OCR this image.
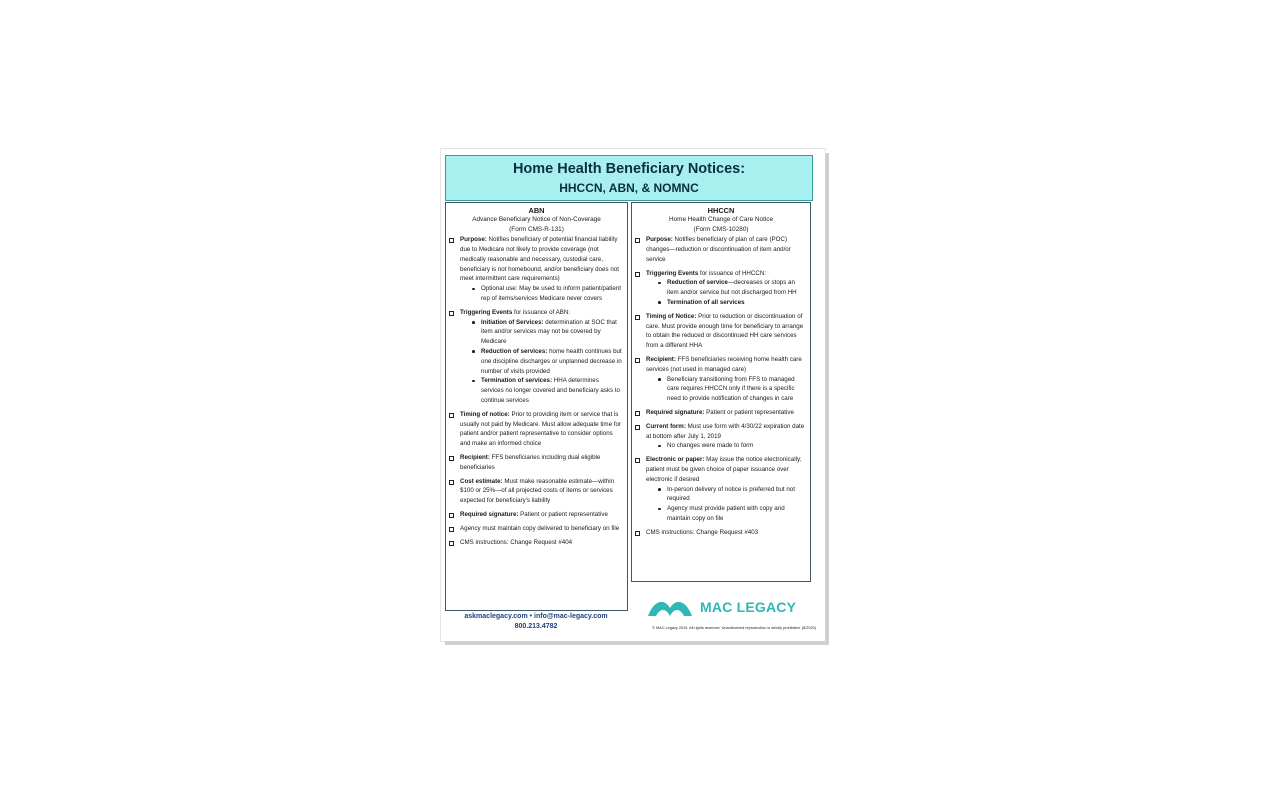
Home Health Beneficiary Notices:
HHCCN, ABN, & NOMNC
ABN
Advance Beneficiary Notice of Non-Coverage
(Form CMS-R-131)
Purpose: Notifies beneficiary of potential financial liability due to Medicare not likely to provide coverage (not medically reasonable and necessary, custodial care, beneficiary is not homebound, and/or beneficiary does not meet intermittent care requirements)
Optional use: May be used to inform patient/patient rep of items/services Medicare never covers
Triggering Events for issuance of ABN:
Initiation of Services: determination at SOC that item and/or services may not be covered by Medicare
Reduction of services: home health continues but one discipline discharges or unplanned decrease in number of visits provided
Termination of services: HHA determines services no longer covered and beneficiary asks to continue services
Timing of notice: Prior to providing item or service that is usually not paid by Medicare. Must allow adequate time for patient and/or patient representative to consider options and make an informed choice
Recipient: FFS beneficiaries including dual eligible beneficiaries
Cost estimate: Must make reasonable estimate—within $100 or 25%—of all projected costs of items or services expected for beneficiary's liability
Required signature: Patient or patient representative
Agency must maintain copy delivered to beneficiary on file
CMS instructions: Change Request #404
HHCCN
Home Health Change of Care Notice
(Form CMS-10280)
Purpose: Notifies beneficiary of plan of care (POC) changes—reduction or discontinuation of item and/or service
Triggering Events for issuance of HHCCN:
Reduction of service—decreases or stops an item and/or service but not discharged from HH
Termination of all services
Timing of Notice: Prior to reduction or discontinuation of care. Must provide enough time for beneficiary to arrange to obtain the reduced or discontinued HH care services from a different HHA
Recipient: FFS beneficiaries receiving home health care services (not used in managed care)
Beneficiary transitioning from FFS to managed care requires HHCCN only if there is a specific need to provide notification of changes in care
Required signature: Patient or patient representative
Current form: Must use form with 4/30/22 expiration date at bottom after July 1, 2019
No changes were made to form
Electronic or paper: May issue the notice electronically; patient must be given choice of paper issuance over electronic if desired
In-person delivery of notice is preferred but not required
Agency must provide patient with copy and maintain copy on file
CMS instructions: Change Request #403
askmaclegacy.com • info@mac-legacy.com
800.213.4782
MAC LEGACY
© MAC Legacy 2019. All rights reserved. Unauthorized reproduction is strictly prohibited. (8/2020)
